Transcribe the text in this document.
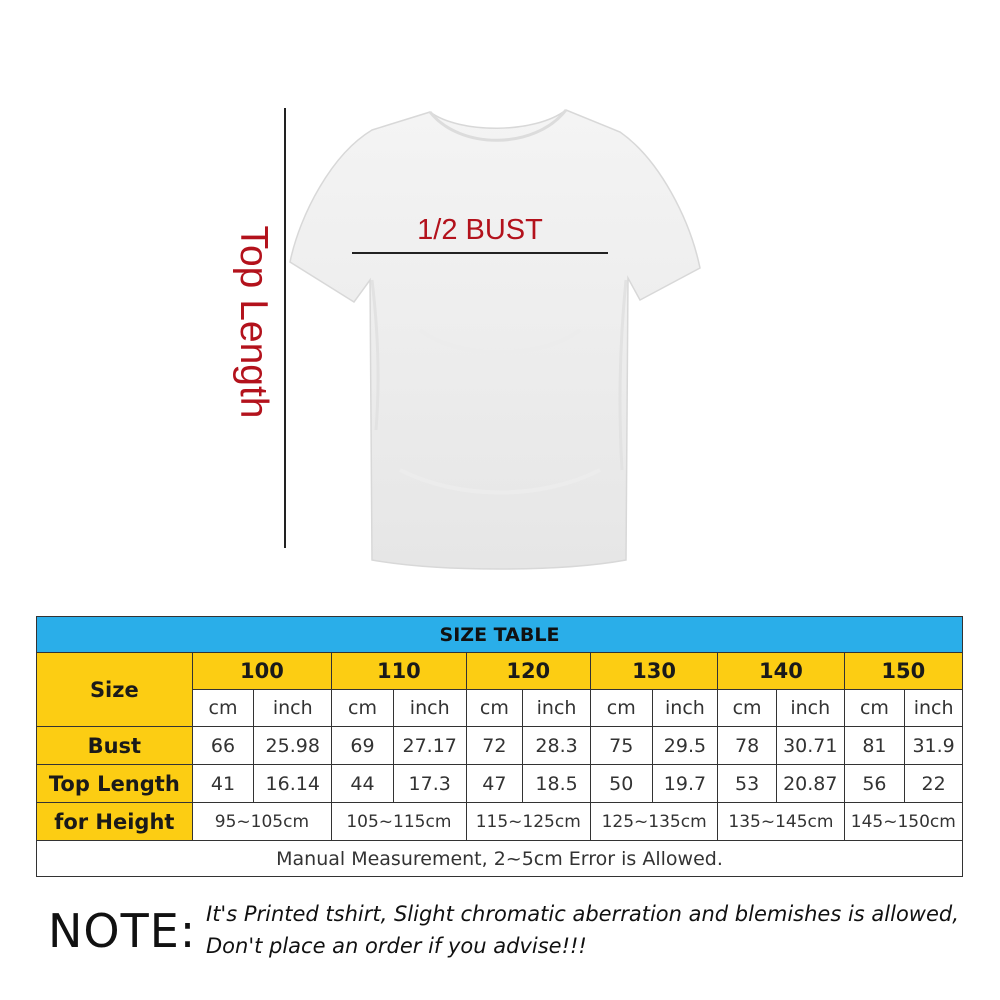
Top Length	1/2 BUST
SIZE TABLE												
Size	100		110		120		130		140		150	
	cm	inch	cm	inch	cm	inch	cm	inch	cm	inch	cm	inch
Bust	66	25.98	69	27.17	72	28.3	75	29.5	78	30.71	81	31.9
Top Length	41	16.14	44	17.3	47	18.5	50	19.7	53	20.87	56	22
for Height	95~105cm		105~115cm		115~125cm		125~135cm		135~145cm		145~150cm	
Manual Measurement, 2~5cm Error is Allowed.												
NOTE: It's Printed tshirt, Slight chromatic aberration and blemishes is allowed, Don't place an order if you advise!!!
